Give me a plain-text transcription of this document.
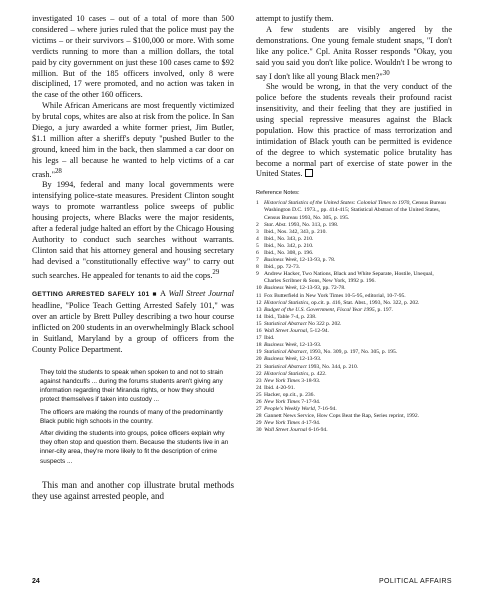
investigated 10 cases – out of a total of more than 500 considered – where juries ruled that the police must pay the victims – or their survivors – $100,000 or more. With some verdicts running to more than a million dollars, the total paid by city government on just these 100 cases came to $92 million. But of the 185 officers involved, only 8 were disciplined, 17 were promoted, and no action was taken in the case of the other 160 officers.

While African Americans are most frequently victimized by brutal cops, whites are also at risk from the police. In San Diego, a jury awarded a white former priest, Jim Butler, $1.1 million after a sheriff's deputy "pushed Butler to the ground, kneed him in the back, then slammed a car door on his legs – all because he wanted to help victims of a car crash."$^{28}$

By 1994, federal and many local governments were intensifying police-state measures. President Clinton sought ways to promote warrantless police sweeps of public housing projects, where Blacks were the major residents, after a federal judge halted an effort by the Chicago Housing Authority to conduct such searches without warrants. Clinton said that his attorney general and housing secretary had devised a "constitutionally effective way" to carry out such searches. He appealed for tenants to aid the cops.$^{29}$

GETTING ARRESTED SAFELY 101 ■ A Wall Street Journal headline, "Police Teach Getting Arrested Safely 101," was over an article by Brett Pulley describing a two hour course inflicted on 200 students in an overwhelmingly Black school in Suitland, Maryland by a group of officers from the County Police Department.

They told the students to speak when spoken to and not to strain against handcuffs ... during the forums students aren't giving any information regarding their Miranda rights, or how they should protect themselves if taken into custody ...

The officers are making the rounds of many of the predominantly Black public high schools in the country.

After dividing the students into groups, police officers explain why they often stop and question them. Because the students live in an inner-city area, they're more likely to fit the description of crime suspects ...

This man and another cop illustrate brutal methods they use against arrested people, and

attempt to justify them.

A few students are visibly angered by the demonstrations. One young female student snaps, "I don't like any police." Cpl. Anita Rosser responds "Okay, you said you said you don't like police. Wouldn't I be wrong to say I don't like all young Black men?"$^{30}$

She would be wrong, in that the very conduct of the police before the students reveals their profound racist insensitivity, and their feeling that they are justified in using special repressive measures against the Black population. How this practice of mass terrorization and intimidation of Black youth can be permitted is evidence of the degree to which systematic police brutality has become a normal part of exercise of state power in the United States.

Reference Notes:
1 Historical Statistics of the United States: Colonial Times to 1970, Census Bureau Washington D.C. 1973.,, pp. 414-415; Statistical Abstract of the United States, Census Bureau 1993, No. 305, p. 195.
2 Stat. Abst. 1993, No. 313, p. 198.
3 Ibid., Nos. 342, 343, p. 210.
4 Ibid., No. 343, p. 210.
5 Ibid., No. 342, p. 210.
6 Ibid., No. 308, p. 196.
7 Business Week, 12-13-93, p. 78.
8 Ibid., pp. 72-73.
9 Andrew Hacker, Two Nations, Black and White Separate, Hostile, Unequal, Charles Scribner & Sons, New York, 1992 p. 196.
10 Business Week, 12-13-93, pp. 72-78.
11 Fox Butterfield in New York Times 10-5-95, editorial, 10-7-95.
12 Historical Statistics, op.cit. p. 416, Stat. Abst., 1993, No. 322, p. 202.
13 Budget of the U.S. Government, Fiscal Year 1995, p. 197.
14 Ibid., Table 7-4, p. 238.
15 Statistical Abstract No 322 p. 202.
16 Wall Street Journal, 5-12-94.
17 Ibid.
18 Business Week, 12-13-93.
19 Statistical Abstract, 1993, No. 309, p. 197, No. 305, p. 195.
20 Business Week, 12-13-93.
21 Statistical Abstract 1993, No. 344, p. 210.
22 Historical Statistics, p. 422.
23 New York Times 3-18-93.
24 Ibid. 4-20-91.
25 Hacker, op.cit., p. 236.
26 New York Times 7-17-94.
27 People's Weekly World, 7-16-94.
28 Gannett News Service, How Cops Beat the Rap, Series reprint, 1992.
29 New York Times 4-17-94.
30 Wall Street Journal 6-16-94.
24	POLITICAL AFFAIRS
